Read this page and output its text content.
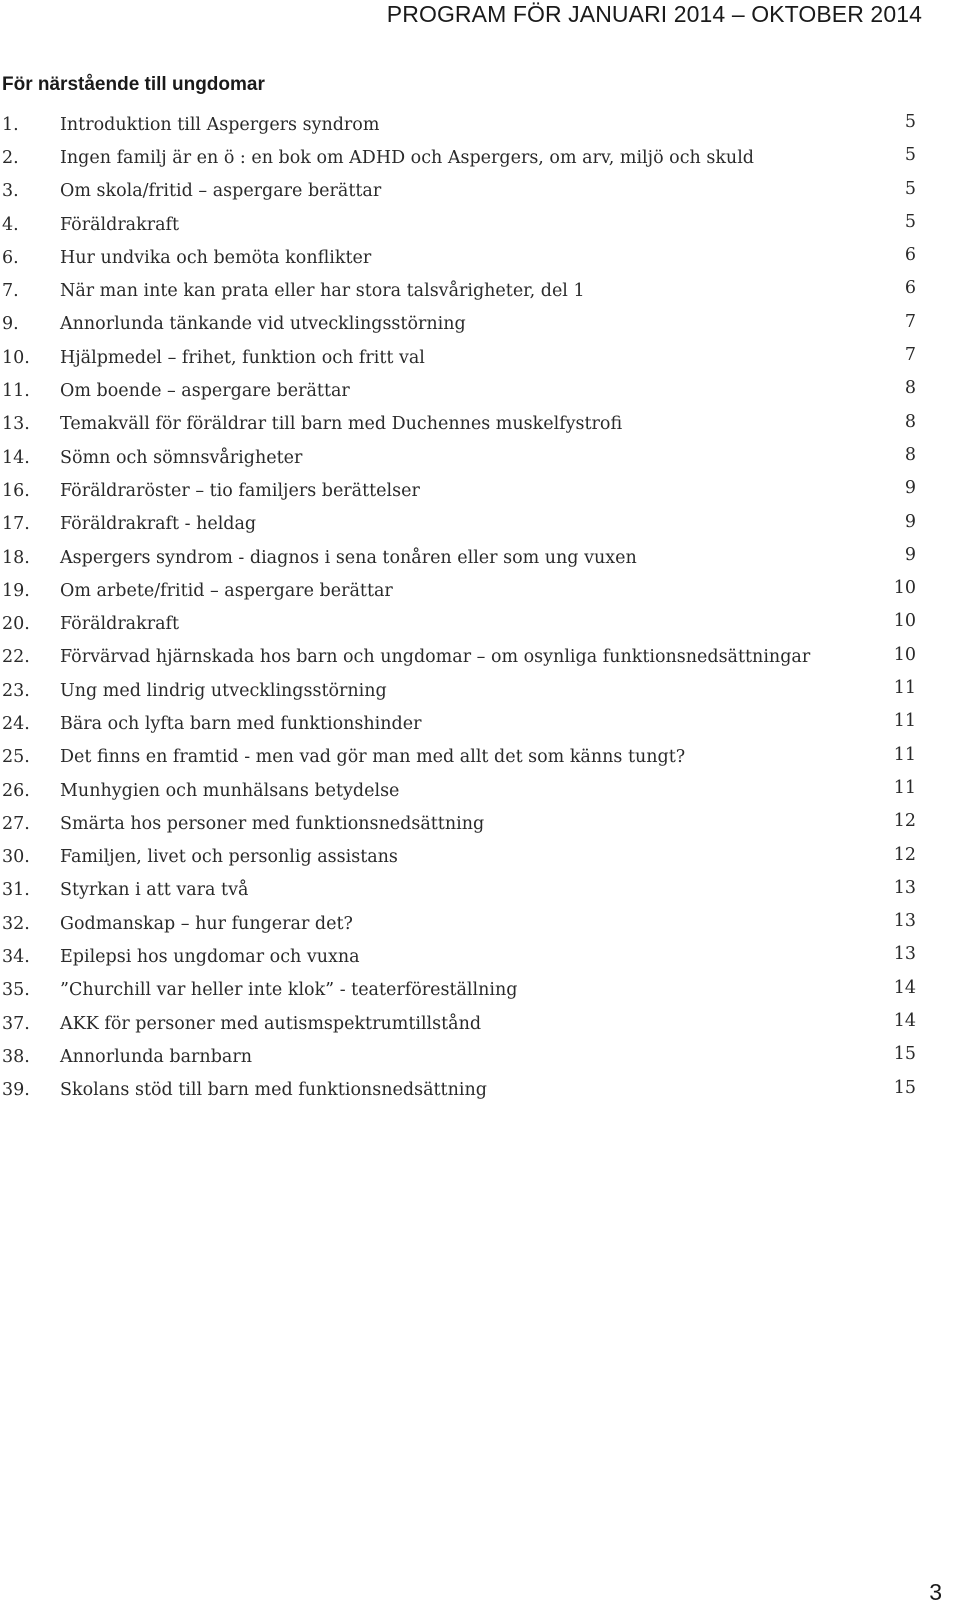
PROGRAM FÖR JANUARI 2014 – OKTOBER 2014
För närstående till ungdomar
1.	Introduktion till Aspergers syndrom	5
2.	Ingen familj är en ö : en bok om ADHD och Aspergers, om arv, miljö och skuld	5
3.	Om skola/fritid – aspergare berättar	5
4.	Föräldrakraft	5
6.	Hur undvika och bemöta konflikter	6
7.	När man inte kan prata eller har stora talsvårigheter, del 1	6
9.	Annorlunda tänkande vid utvecklingsstörning	7
10.	Hjälpmedel – frihet, funktion och fritt val	7
11.	Om boende – aspergare berättar	8
13.	Temakväll för föräldrar till barn med Duchennes muskelfystrofi	8
14.	Sömn och sömnsvårigheter	8
16.	Föräldraröster – tio familjers berättelser	9
17.	Föräldrakraft - heldag	9
18.	Aspergers syndrom - diagnos i sena tonåren eller som ung vuxen	9
19.	Om arbete/fritid – aspergare berättar	10
20.	Föräldrakraft	10
22.	Förvärvad hjärnskada hos barn och ungdomar – om osynliga funktionsnedsättningar	10
23.	Ung med lindrig utvecklingsstörning	11
24.	Bära och lyfta barn med funktionshinder	11
25.	Det finns en framtid - men vad gör man med allt det som känns tungt?	11
26.	Munhygien och munhälsans betydelse	11
27.	Smärta hos personer med funktionsnedsättning	12
30.	Familjen, livet och personlig assistans	12
31.	Styrkan i att vara två	13
32.	Godmanskap – hur fungerar det?	13
34.	Epilepsi hos ungdomar och vuxna	13
35.	”Churchill var heller inte klok” - teaterföreställning	14
37.	AKK för personer med autismspektrumtillstånd	14
38.	Annorlunda barnbarn	15
39.	Skolans stöd till barn med funktionsnedsättning	15
3
